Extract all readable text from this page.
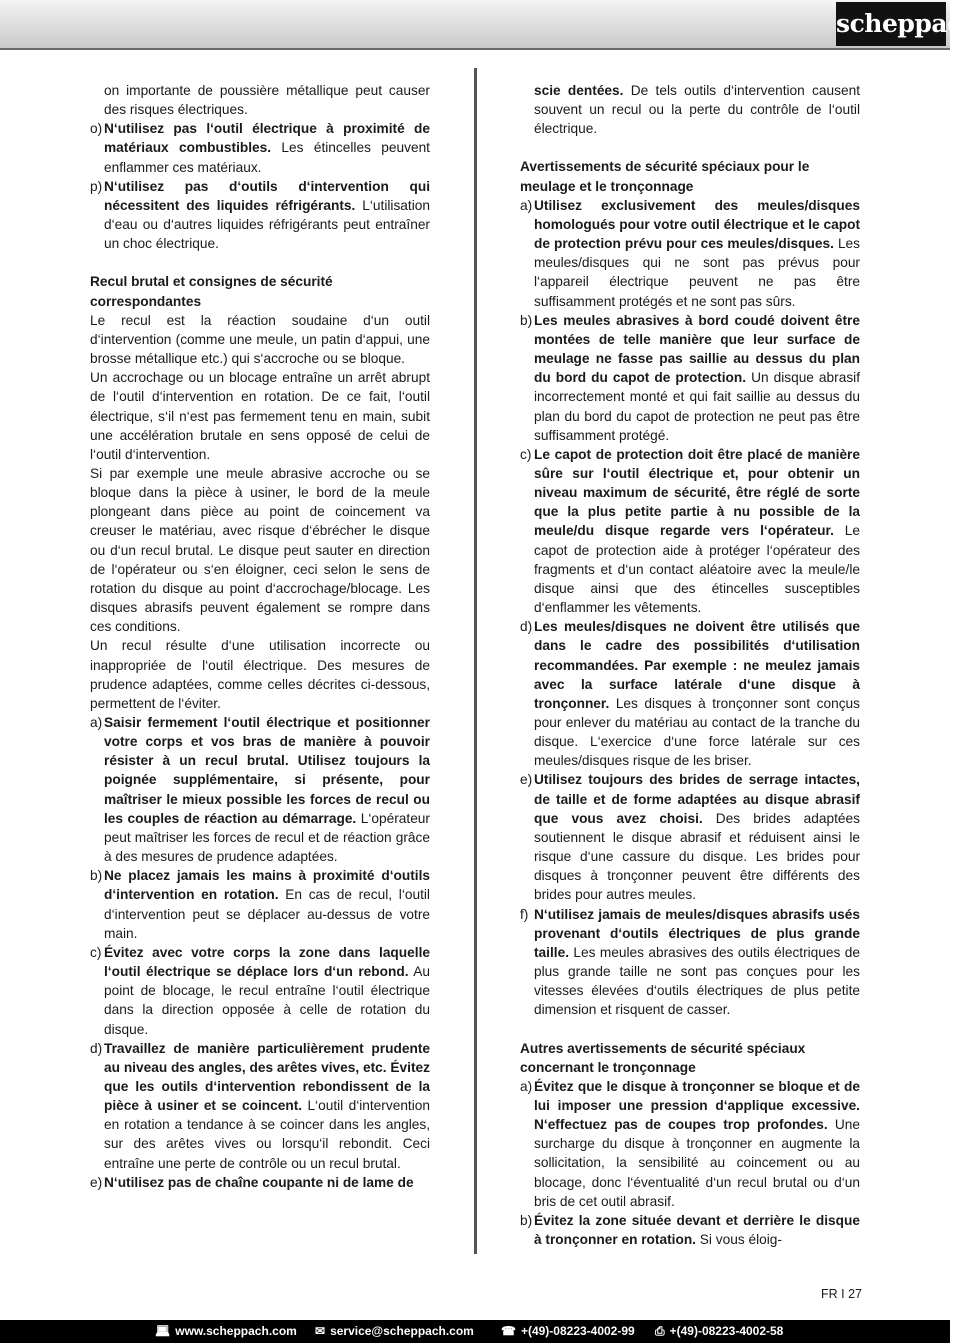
scheppach
on importante de poussière métallique peut causer des risques électriques.
o) N‘utilisez pas l‘outil électrique à proximité de matériaux combustibles. Les étincelles peuvent enflammer ces matériaux.
p) N‘utilisez pas d‘outils d‘intervention qui nécessitent des liquides réfrigérants. L‘utilisation d‘eau ou d‘autres liquides réfrigérants peut entraîner un choc électrique.
Recul brutal et consignes de sécurité correspondantes
Le recul est la réaction soudaine d‘un outil d‘intervention (comme une meule, un patin d‘appui, une brosse métallique etc.) qui s‘accroche ou se bloque.
Un accrochage ou un blocage entraîne un arrêt abrupt de l‘outil d‘intervention en rotation. De ce fait, l‘outil électrique, s‘il n‘est pas fermement tenu en main, subit une accélération brutale en sens opposé de celui de l‘outil d‘intervention.
Si par exemple une meule abrasive accroche ou se bloque dans la pièce à usiner, le bord de la meule plongeant dans pièce au point de coincement va creuser le matériau, avec risque d‘ébrécher le disque ou d‘un recul brutal. Le disque peut sauter en direction de l‘opérateur ou s‘en éloigner, ceci selon le sens de rotation du disque au point d‘accrochage/blocage. Les disques abrasifs peuvent également se rompre dans ces conditions.
Un recul résulte d‘une utilisation incorrecte ou inappropriée de l‘outil électrique. Des mesures de prudence adaptées, comme celles décrites ci-dessous, permettent de l‘éviter.
a) Saisir fermement l‘outil électrique et positionner votre corps et vos bras de manière à pouvoir résister à un recul brutal. Utilisez toujours la poignée supplémentaire, si présente, pour maîtriser le mieux possible les forces de recul ou les couples de réaction au démarrage. L‘opérateur peut maîtriser les forces de recul et de réaction grâce à des mesures de prudence adaptées.
b) Ne placez jamais les mains à proximité d‘outils d‘intervention en rotation. En cas de recul, l‘outil d‘intervention peut se déplacer au-dessus de votre main.
c) Évitez avec votre corps la zone dans laquelle l‘outil électrique se déplace lors d‘un rebond. Au point de blocage, le recul entraîne l‘outil électrique dans la direction opposée à celle de rotation du disque.
d) Travaillez de manière particulièrement prudente au niveau des angles, des arêtes vives, etc. Évitez que les outils d‘intervention rebondissent de la pièce à usiner et se coincent. L‘outil d‘intervention en rotation a tendance à se coincer dans les angles, sur des arêtes vives ou lorsqu‘il rebondit. Ceci entraîne une perte de contrôle ou un recul brutal.
e) N‘utilisez pas de chaîne coupante ni de lame de
scie dentées. De tels outils d‘intervention causent souvent un recul ou la perte du contrôle de l‘outil électrique.
Avertissements de sécurité spéciaux pour le meulage et le tronçonnage
a) Utilisez exclusivement des meules/disques homologués pour votre outil électrique et le capot de protection prévu pour ces meules/disques. Les meules/disques qui ne sont pas prévus pour l‘appareil électrique peuvent ne pas être suffisamment protégés et ne sont pas sûrs.
b) Les meules abrasives à bord coudé doivent être montées de telle manière que leur surface de meulage ne fasse pas saillie au dessus du plan du bord du capot de protection. Un disque abrasif incorrectement monté et qui fait saillie au dessus du plan du bord du capot de protection ne peut pas être suffisamment protégé.
c) Le capot de protection doit être placé de manière sûre sur l‘outil électrique et, pour obtenir un niveau maximum de sécurité, être réglé de sorte que la plus petite partie à nu possible de la meule/du disque regarde vers l‘opérateur. Le capot de protection aide à protéger l‘opérateur des fragments et d‘un contact aléatoire avec la meule/le disque ainsi que des étincelles susceptibles d‘enflammer les vêtements.
d) Les meules/disques ne doivent être utilisés que dans le cadre des possibilités d‘utilisation recommandées. Par exemple : ne meulez jamais avec la surface latérale d‘une disque à tronçonner. Les disques à tronçonner sont conçus pour enlever du matériau au contact de la tranche du disque. L‘exercice d‘une force latérale sur ces meules/disques risque de les briser.
e) Utilisez toujours des brides de serrage intactes, de taille et de forme adaptées au disque abrasif que vous avez choisi. Des brides adaptées soutiennent le disque abrasif et réduisent ainsi le risque d‘une cassure du disque. Les brides pour disques à tronçonner peuvent être différents des brides pour autres meules.
f) N‘utilisez jamais de meules/disques abrasifs usés provenant d‘outils électriques de plus grande taille. Les meules abrasives des outils électriques de plus grande taille ne sont pas conçues pour les vitesses élevées d‘outils électriques de plus petite dimension et risquent de casser.
Autres avertissements de sécurité spéciaux concernant le tronçonnage
a) Évitez que le disque à tronçonner se bloque et de lui imposer une pression d‘applique excessive. N‘effectuez pas de coupes trop profondes. Une surcharge du disque à tronçonner en augmente la sollicitation, la sensibilité au coincement ou au blocage, donc l‘éventualité d‘un recul brutal ou d‘un bris de cet outil abrasif.
b) Évitez la zone située devant et derrière le disque à tronçonner en rotation. Si vous éloig-
FR I 27
💻︎ www.scheppach.com ✉︎ service@scheppach.com ☎︎ +(49)-08223-4002-99 ⎙ +(49)-08223-4002-58
